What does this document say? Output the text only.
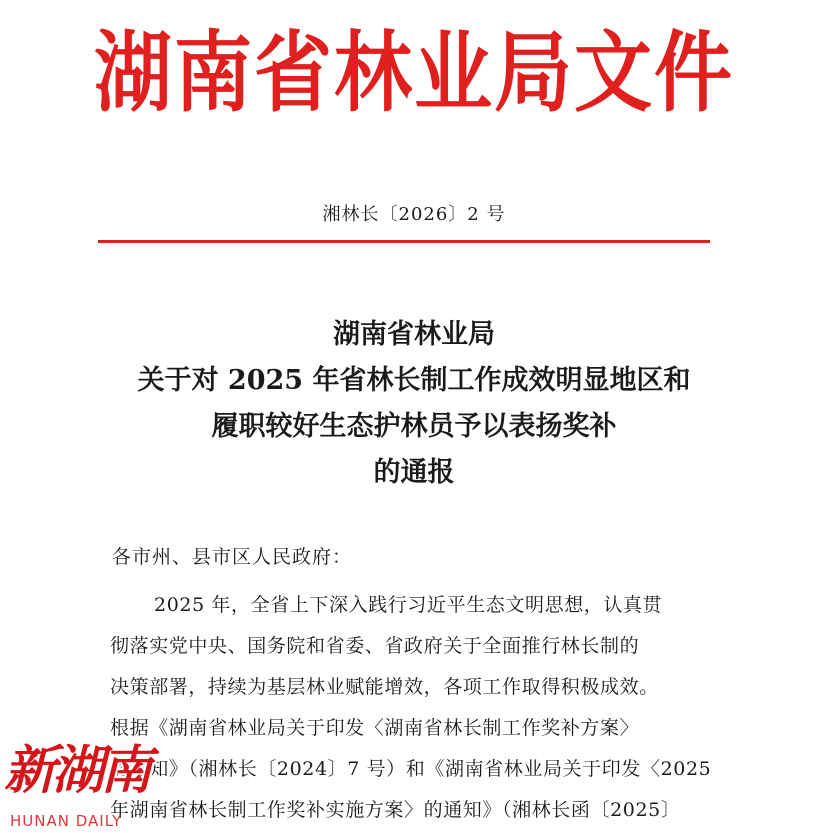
湖南省林业局文件
湘林长〔2026〕2 号
湖南省林业局
关于对 2025 年省林长制工作成效明显地区和
履职较好生态护林员予以表扬奖补
的通报
各市州、县市区人民政府：
2025 年，全省上下深入践行习近平生态文明思想，认真贯
彻落实党中央、国务院和省委、省政府关于全面推行林长制的
决策部署，持续为基层林业赋能增效，各项工作取得积极成效。
根据《湖南省林业局关于印发〈湖南省林长制工作奖补方案〉
的通知》（湘林长〔2024〕7 号）和《湖南省林业局关于印发〈2025
年湖南省林长制工作奖补实施方案〉的通知》（湘林长函〔2025〕
新湖南
HUNAN DAILY
